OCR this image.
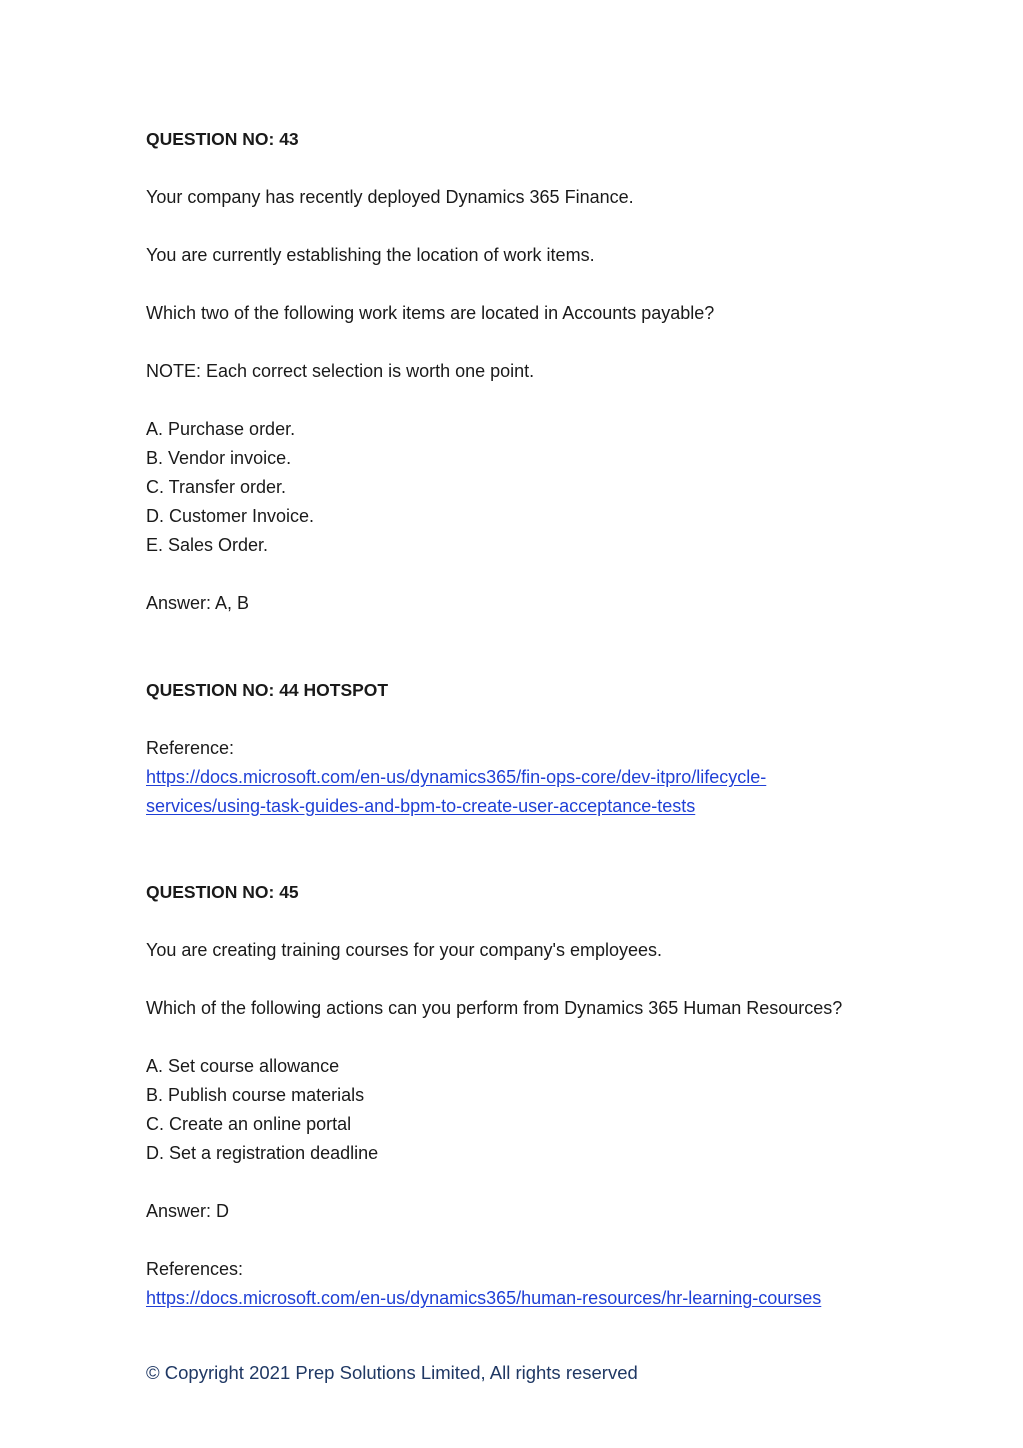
QUESTION NO: 43
Your company has recently deployed Dynamics 365 Finance.
You are currently establishing the location of work items.
Which two of the following work items are located in Accounts payable?
NOTE: Each correct selection is worth one point.
A. Purchase order.
B. Vendor invoice.
C. Transfer order.
D. Customer Invoice.
E. Sales Order.
Answer: A, B
QUESTION NO: 44 HOTSPOT
Reference:
https://docs.microsoft.com/en-us/dynamics365/fin-ops-core/dev-itpro/lifecycle-
services/using-task-guides-and-bpm-to-create-user-acceptance-tests
QUESTION NO: 45
You are creating training courses for your company's employees.
Which of the following actions can you perform from Dynamics 365 Human Resources?
A. Set course allowance
B. Publish course materials
C. Create an online portal
D. Set a registration deadline
Answer: D
References:
https://docs.microsoft.com/en-us/dynamics365/human-resources/hr-learning-courses
© Copyright 2021 Prep Solutions Limited, All rights reserved
